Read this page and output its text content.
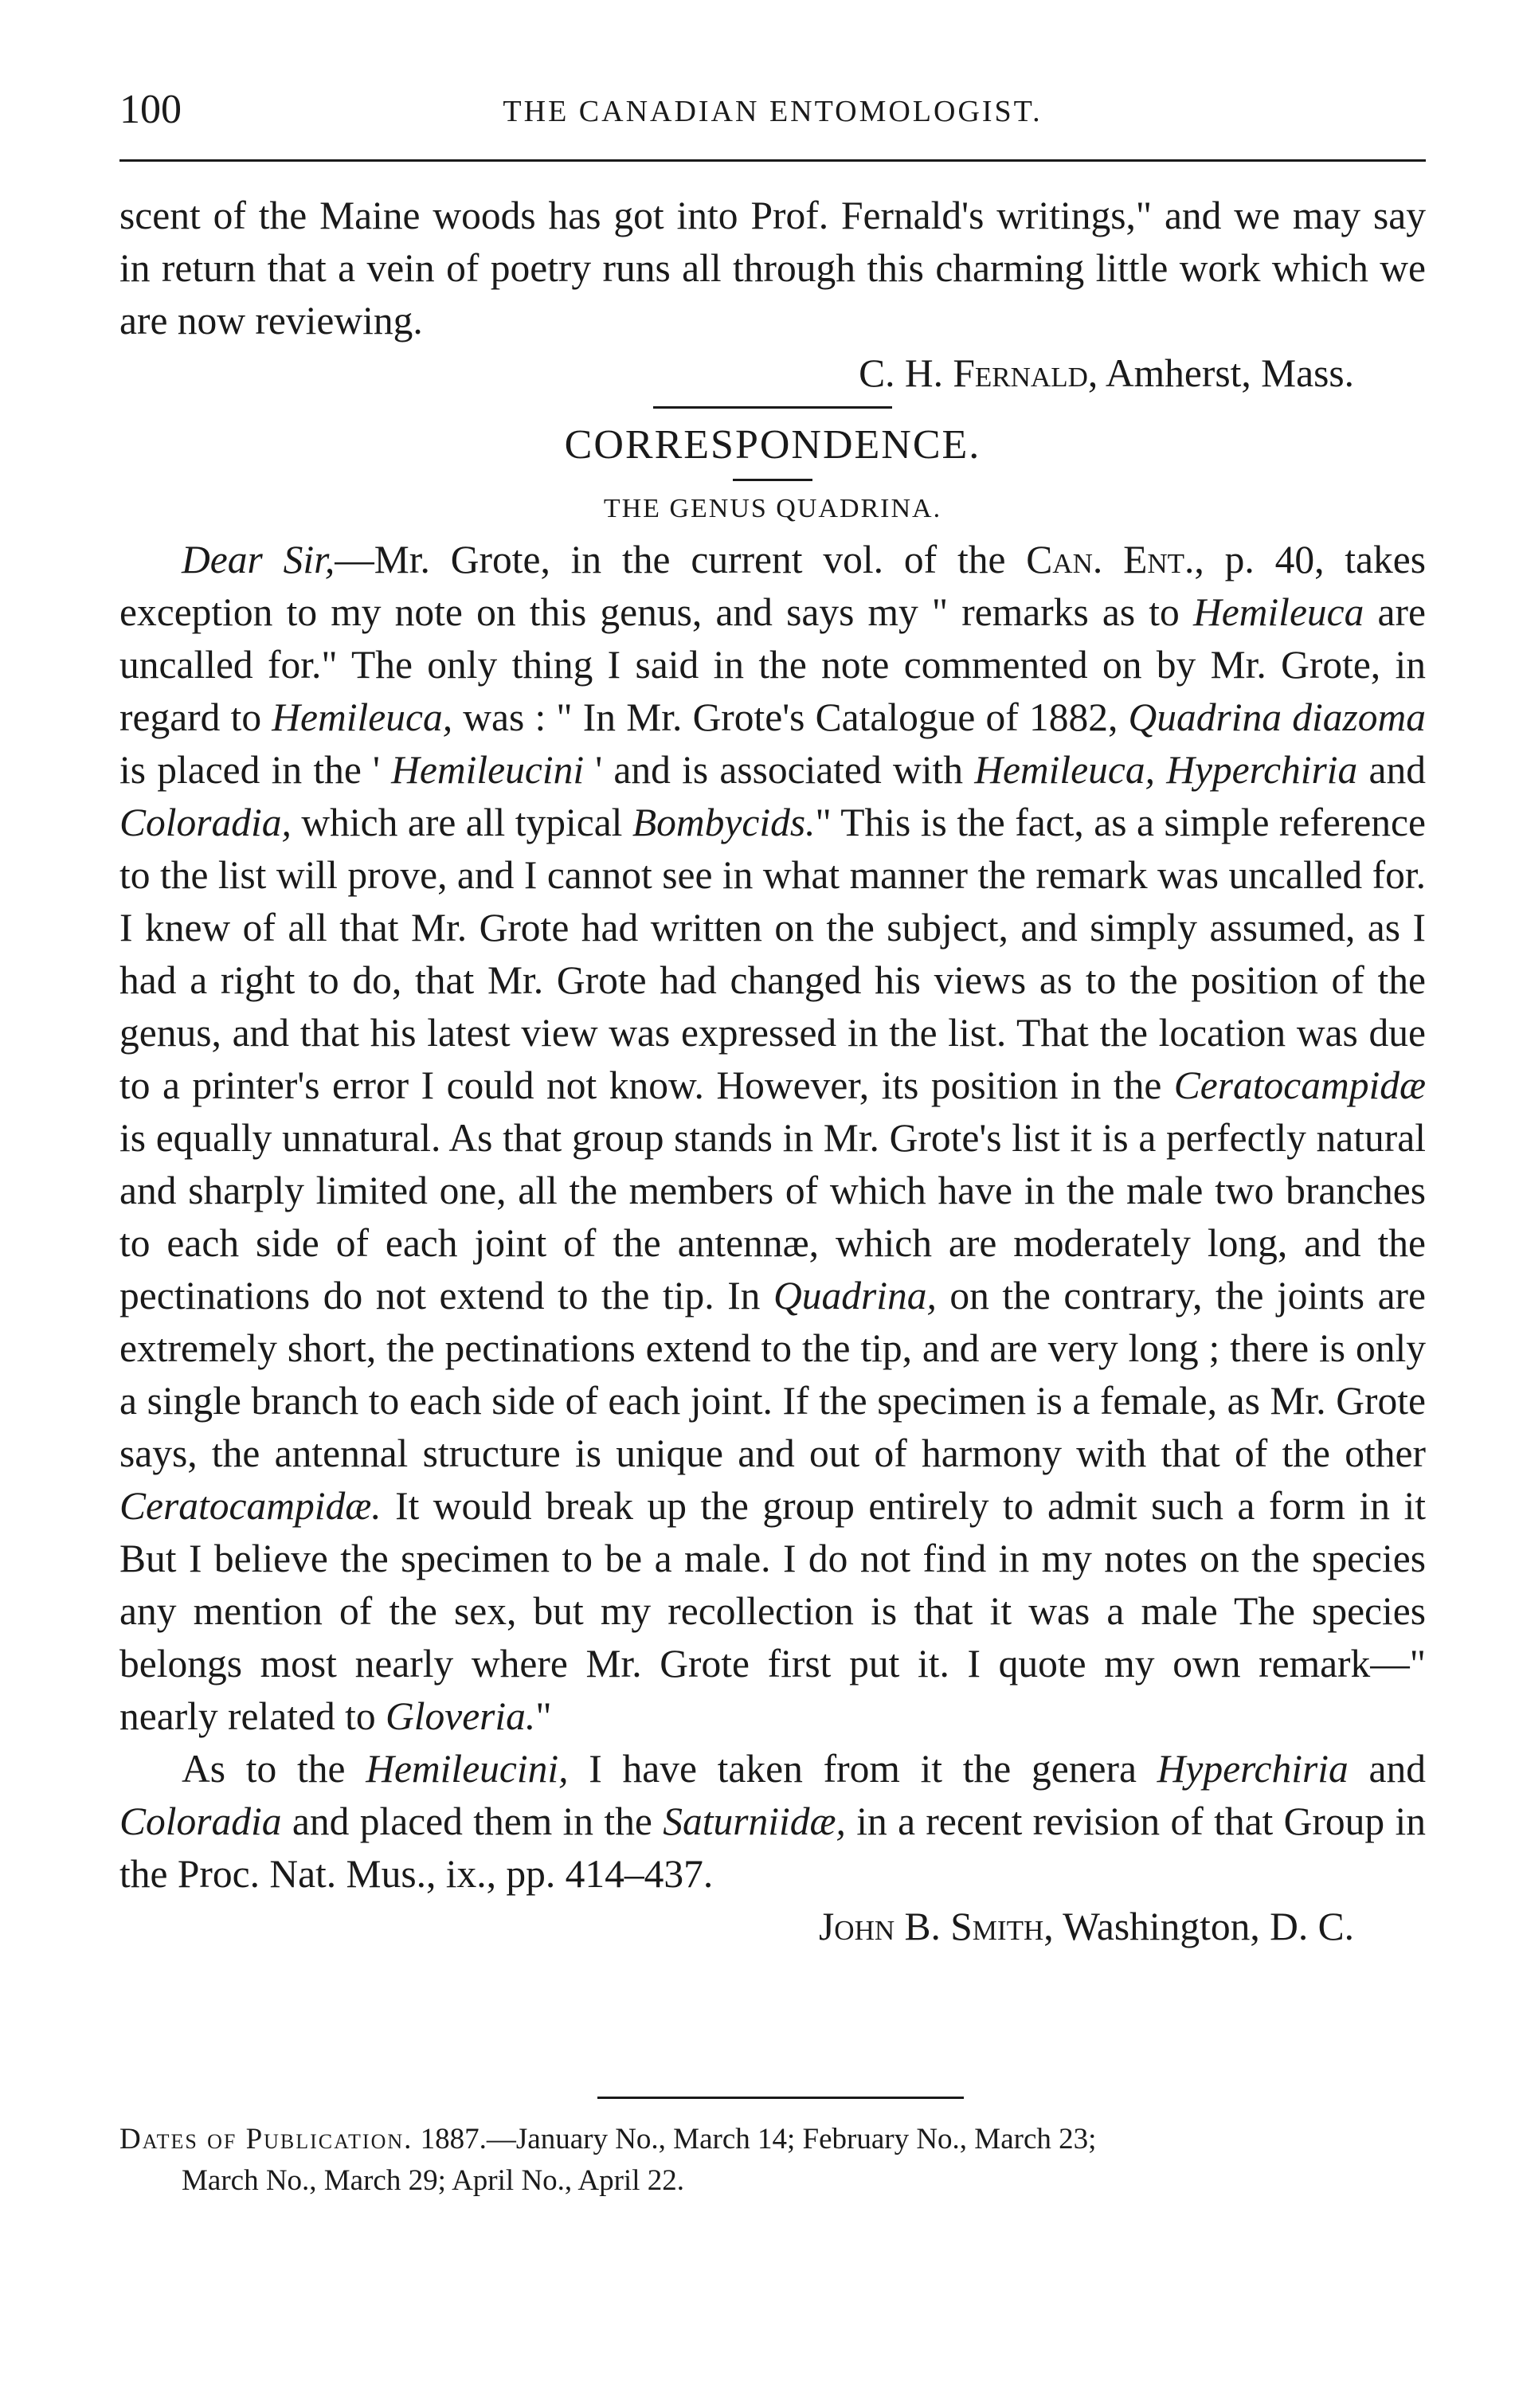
100	THE CANADIAN ENTOMOLOGIST.

scent of the Maine woods has got into Prof. Fernald's writings," and we may say in return that a vein of poetry runs all through this charming little work which we are now reviewing.

C. H. Fernald, Amherst, Mass.

CORRESPONDENCE.

THE GENUS QUADRINA.

Dear Sir,—Mr. Grote, in the current vol. of the Can. Ent., p. 40, takes exception to my note on this genus, and says my " remarks as to Hemileuca are uncalled for." The only thing I said in the note commented on by Mr. Grote, in regard to Hemileuca, was : " In Mr. Grote's Catalogue of 1882, Quadrina diazoma is placed in the ' Hemileucini ' and is associated with Hemileuca, Hyperchiria and Coloradia, which are all typical Bombycids." This is the fact, as a simple reference to the list will prove, and I cannot see in what manner the remark was uncalled for. I knew of all that Mr. Grote had written on the subject, and simply assumed, as I had a right to do, that Mr. Grote had changed his views as to the position of the genus, and that his latest view was expressed in the list. That the location was due to a printer's error I could not know. However, its position in the Ceratocampidæ is equally unnatural. As that group stands in Mr. Grote's list it is a perfectly natural and sharply limited one, all the members of which have in the male two branches to each side of each joint of the antennæ, which are moderately long, and the pectinations do not extend to the tip. In Quadrina, on the contrary, the joints are extremely short, the pectinations extend to the tip, and are very long ; there is only a single branch to each side of each joint. If the specimen is a female, as Mr. Grote says, the antennal structure is unique and out of harmony with that of the other Ceratocampidæ. It would break up the group entirely to admit such a form in it But I believe the specimen to be a male. I do not find in my notes on the species any mention of the sex, but my recollection is that it was a male The species belongs most nearly where Mr. Grote first put it. I quote my own remark—" nearly related to Gloveria."

As to the Hemileucini, I have taken from it the genera Hyperchiria and Coloradia and placed them in the Saturniidæ, in a recent revision of that Group in the Proc. Nat. Mus., ix., pp. 414–437.

John B. Smith, Washington, D. C.

Dates of Publication. 1887.—January No., March 14; February No., March 23;
March No., March 29; April No., April 22.
